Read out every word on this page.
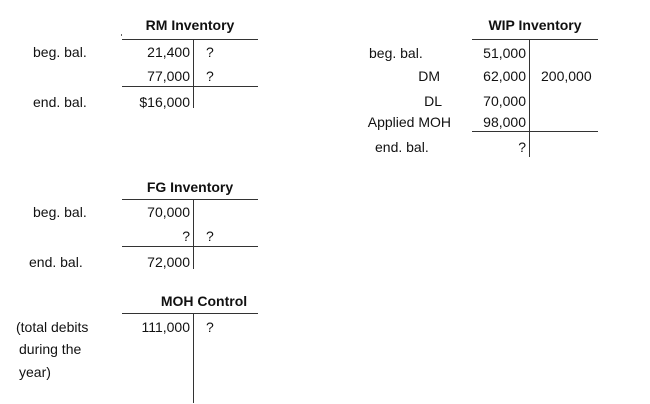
RM Inventory
beg. bal.	21,400 ?
77,000 ?
end. bal.	$16,000
WIP Inventory
beg. bal.	51,000
DM	62,000 200,000
DL	70,000
Applied MOH	98,000
end. bal.	?
FG Inventory
beg. bal.	70,000
? ?
end. bal.	72,000
MOH Control
(total debits
during the
year)
111,000 ?
